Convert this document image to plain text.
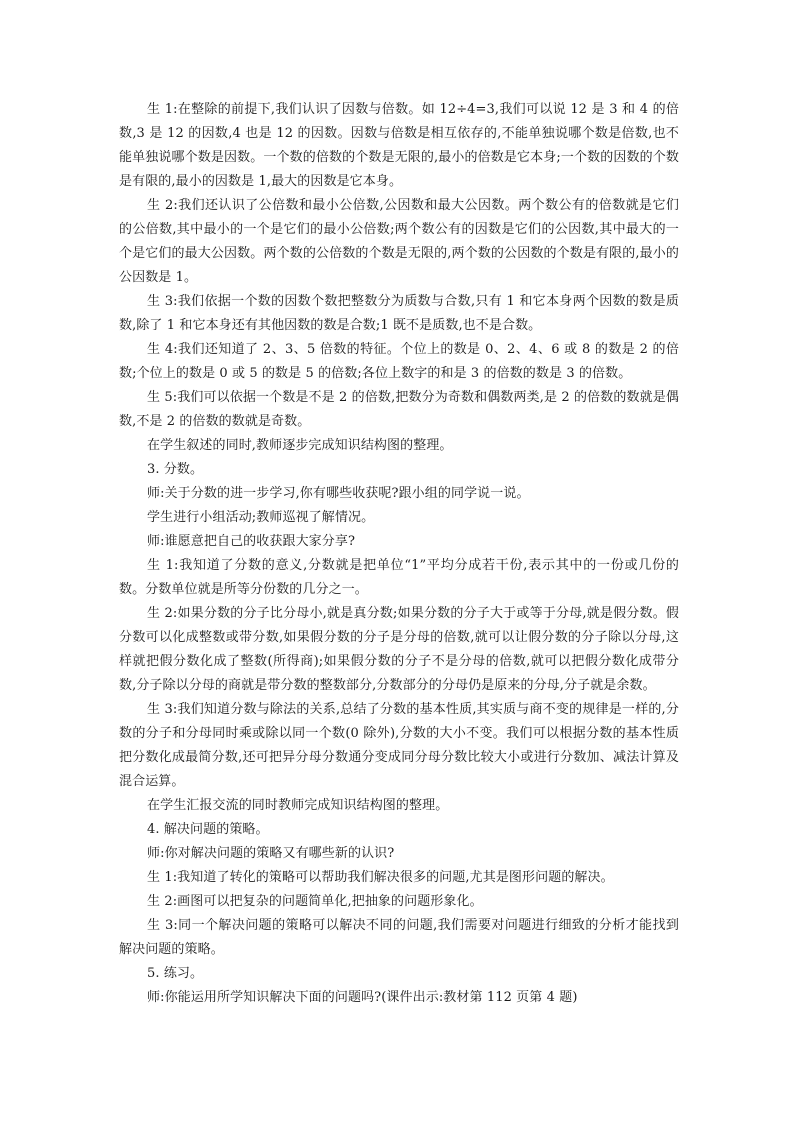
生 1:在整除的前提下,我们认识了因数与倍数。如 12÷4=3,我们可以说 12 是 3 和 4 的倍数,3 是 12 的因数,4 也是 12 的因数。因数与倍数是相互依存的,不能单独说哪个数是倍数,也不能单独说哪个数是因数。一个数的倍数的个数是无限的,最小的倍数是它本身;一个数的因数的个数是有限的,最小的因数是 1,最大的因数是它本身。

生 2:我们还认识了公倍数和最小公倍数,公因数和最大公因数。两个数公有的倍数就是它们的公倍数,其中最小的一个是它们的最小公倍数;两个数公有的因数是它们的公因数,其中最大的一个是它们的最大公因数。两个数的公倍数的个数是无限的,两个数的公因数的个数是有限的,最小的公因数是 1。

生 3:我们依据一个数的因数个数把整数分为质数与合数,只有 1 和它本身两个因数的数是质数,除了 1 和它本身还有其他因数的数是合数;1 既不是质数,也不是合数。

生 4:我们还知道了 2、3、5 倍数的特征。个位上的数是 0、2、4、6 或 8 的数是 2 的倍数;个位上的数是 0 或 5 的数是 5 的倍数;各位上数字的和是 3 的倍数的数是 3 的倍数。

生 5:我们可以依据一个数是不是 2 的倍数,把数分为奇数和偶数两类,是 2 的倍数的数就是偶数,不是 2 的倍数的数就是奇数。

在学生叙述的同时,教师逐步完成知识结构图的整理。

3. 分数。

师:关于分数的进一步学习,你有哪些收获呢?跟小组的同学说一说。

学生进行小组活动;教师巡视了解情况。

师:谁愿意把自己的收获跟大家分享?

生 1:我知道了分数的意义,分数就是把单位“1”平均分成若干份,表示其中的一份或几份的数。分数单位就是所等分份数的几分之一。

生 2:如果分数的分子比分母小,就是真分数;如果分数的分子大于或等于分母,就是假分数。假分数可以化成整数或带分数,如果假分数的分子是分母的倍数,就可以让假分数的分子除以分母,这样就把假分数化成了整数(所得商);如果假分数的分子不是分母的倍数,就可以把假分数化成带分数,分子除以分母的商就是带分数的整数部分,分数部分的分母仍是原来的分母,分子就是余数。

生 3:我们知道分数与除法的关系,总结了分数的基本性质,其实质与商不变的规律是一样的,分数的分子和分母同时乘或除以同一个数(0 除外),分数的大小不变。我们可以根据分数的基本性质把分数化成最简分数,还可把异分母分数通分变成同分母分数比较大小或进行分数加、减法计算及混合运算。

在学生汇报交流的同时教师完成知识结构图的整理。

4. 解决问题的策略。

师:你对解决问题的策略又有哪些新的认识?

生 1:我知道了转化的策略可以帮助我们解决很多的问题,尤其是图形问题的解决。

生 2:画图可以把复杂的问题简单化,把抽象的问题形象化。

生 3:同一个解决问题的策略可以解决不同的问题,我们需要对问题进行细致的分析才能找到解决问题的策略。

5. 练习。

师:你能运用所学知识解决下面的问题吗?(课件出示:教材第 112 页第 4 题)
